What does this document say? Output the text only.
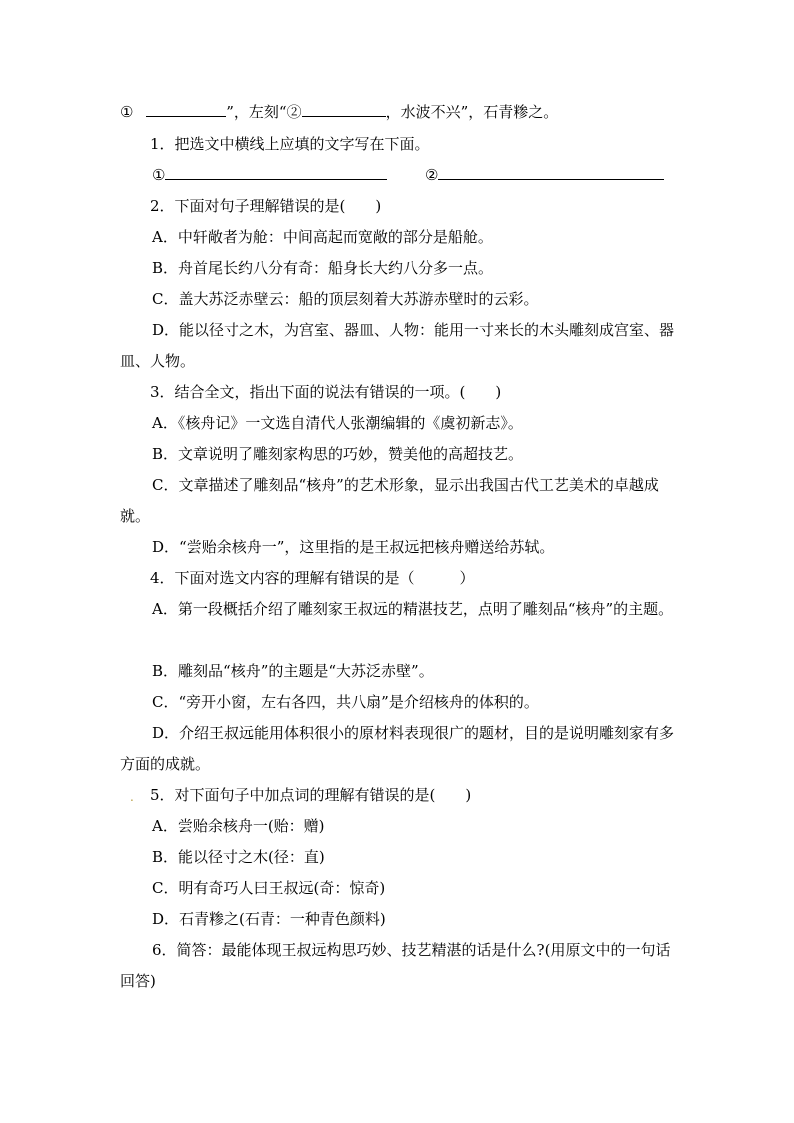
①	”，左刻“②	，水波不兴”，石青糁之。
1．把选文中横线上应填的文字写在下面。
①	②
2．下面对句子理解错误的是(　　)
A．中轩敞者为舱：中间高起而宽敞的部分是船舱。
B．舟首尾长约八分有奇：船身长大约八分多一点。
C．盖大苏泛赤壁云：船的顶层刻着大苏游赤壁时的云彩。
D．能以径寸之木，为宫室、器皿、人物：能用一寸来长的木头雕刻成宫室、器皿、人物。
3．结合全文，指出下面的说法有错误的一项。(　　)
A．《核舟记》一文选自清代人张潮编辑的《虞初新志》。
B．文章说明了雕刻家构思的巧妙，赞美他的高超技艺。
C．文章描述了雕刻品“核舟”的艺术形象，显示出我国古代工艺美术的卓越成就。
D．“尝贻余核舟一”，这里指的是王叔远把核舟赠送给苏轼。
4．下面对选文内容的理解有错误的是（　　　）
A．第一段概括介绍了雕刻家王叔远的精湛技艺，点明了雕刻品“核舟”的主题。
B．雕刻品“核舟”的主题是“大苏泛赤壁”。
C．“旁开小窗，左右各四，共八扇”是介绍核舟的体积的。
D．介绍王叔远能用体积很小的原材料表现很广的题材，目的是说明雕刻家有多方面的成就。
. 5．对下面句子中加点词的理解有错误的是(　　)
A．尝贻余核舟一(贻：赠)
B．能以径寸之木(径：直)
C．明有奇巧人曰王叔远(奇：惊奇)
D．石青糁之(石青：一种青色颜料)
6．简答：最能体现王叔远构思巧妙、技艺精湛的话是什么?(用原文中的一句话回答)
